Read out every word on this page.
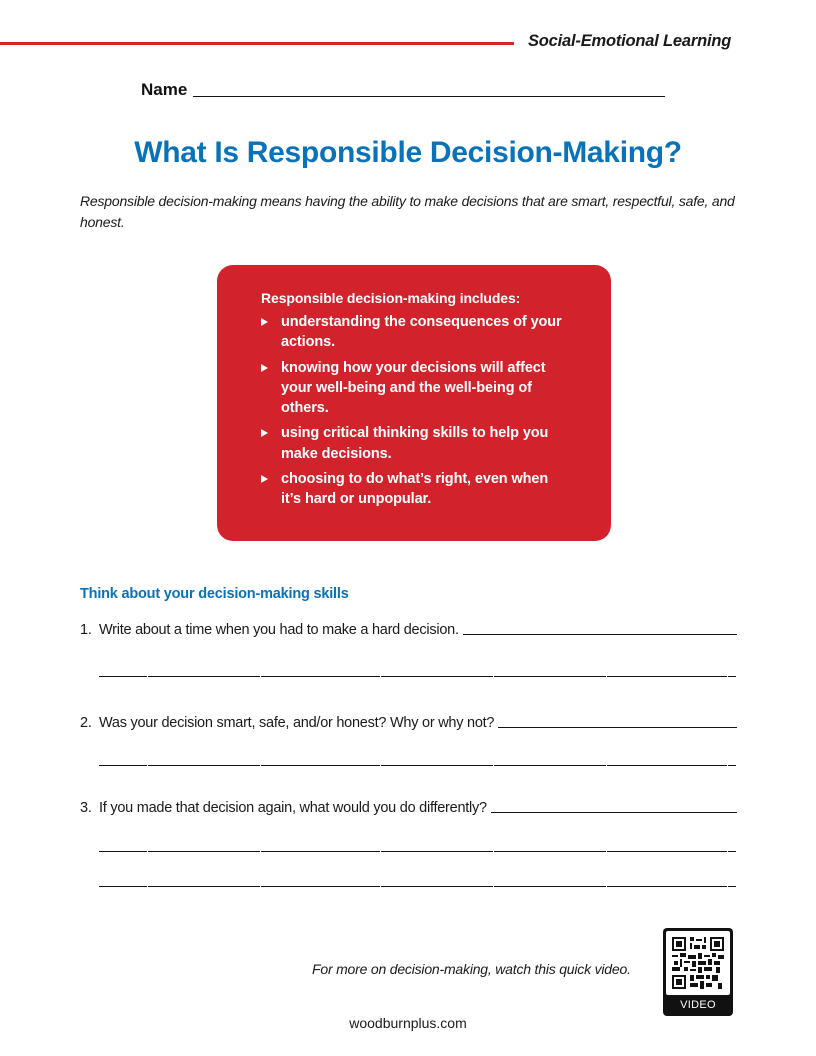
Social-Emotional Learning
Name
What Is Responsible Decision-Making?

Responsible decision-making means having the ability to make decisions that are smart, respectful, safe, and honest.

Responsible decision-making includes:
understanding the consequences of your actions.
knowing how your decisions will affect your well-being and the well-being of others.
using critical thinking skills to help you make decisions.
choosing to do what’s right, even when it’s hard or unpopular.
Think about your decision-making skills
1. Write about a time when you had to make a hard decision.
2. Was your decision smart, safe, and/or honest? Why or why not?
3. If you made that decision again, what would you do differently?
For more on decision-making, watch this quick video.
VIDEO
woodburnplus.com
